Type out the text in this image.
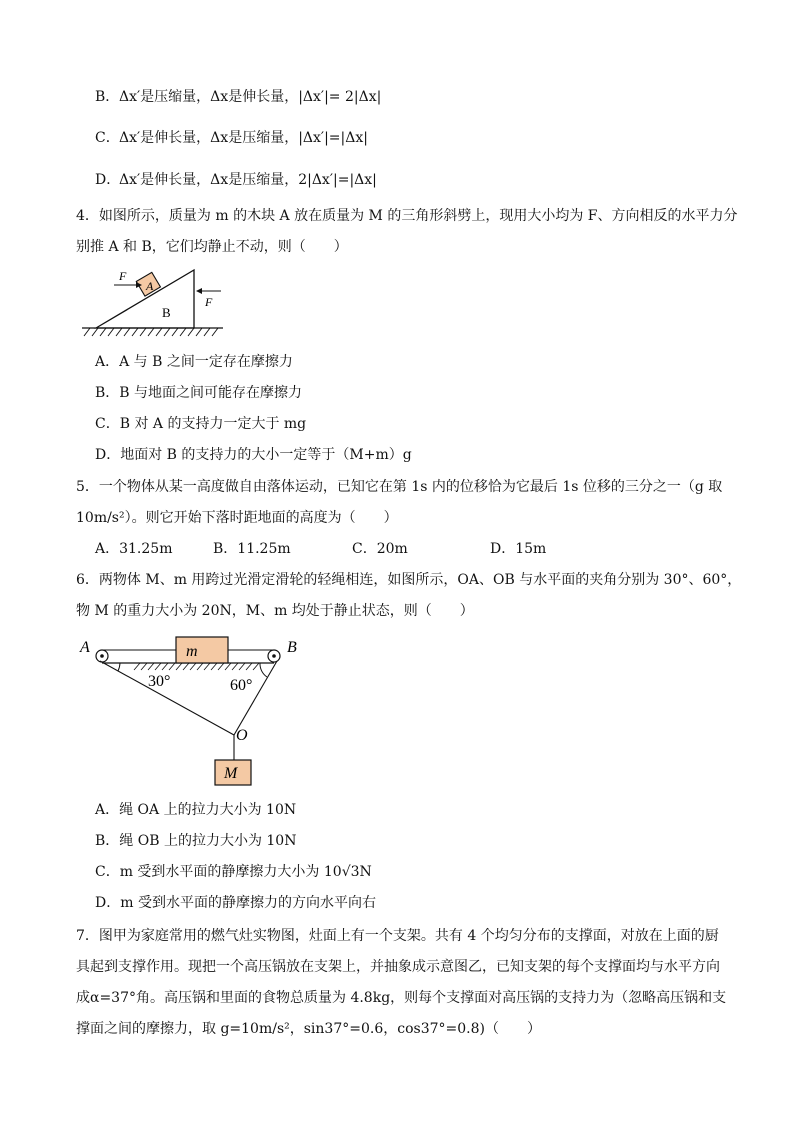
B． Δx′是压缩量，Δx是伸长量，|Δx′|= 2|Δx|
C． Δx′是伸长量，Δx是压缩量，|Δx′|=|Δx|
D．
Δx′是伸长量，Δx是压缩量，2|Δx′|=|Δx|
4．如图所示，质量为 m 的木块 A 放在质量为 M 的三角形斜劈上，现用大小均为 F、方向相反的水平力分
别推 A 和 B，它们均静止不动，则（　　）
B
A
F
F
A．A 与 B 之间一定存在摩擦力
B．B 与地面之间可能存在摩擦力
C．B 对 A 的支持力一定大于 mg
D．地面对 B 的支持力的大小一定等于（M+m）g
5．一个物体从某一高度做自由落体运动，已知它在第 1s 内的位移恰为它最后 1s 位移的三分之一（g 取
10m/s²）。则它开始下落时距地面的高度为（　　）
A．31.25m	B．11.25m	C．20m	D．15m
6．两物体 M、m 用跨过光滑定滑轮的轻绳相连，如图所示，OA、OB 与水平面的夹角分别为 30°、60°，
物 M 的重力大小为 20N，M、m 均处于静止状态，则（　　）
m
A	B
30°	60°
O
M
A．绳 OA 上的拉力大小为 10N
B．绳 OB 上的拉力大小为 10N
C．m 受到水平面的静摩擦力大小为 10√3N
D．m 受到水平面的静摩擦力的方向水平向右
7．图甲为家庭常用的燃气灶实物图，灶面上有一个支架。共有 4 个均匀分布的支撑面，对放在上面的厨
具起到支撑作用。现把一个高压锅放在支架上，并抽象成示意图乙，已知支架的每个支撑面均与水平方向
成α=37°角。高压锅和里面的食物总质量为 4.8kg，则每个支撑面对高压锅的支持力为（忽略高压锅和支
撑面之间的摩擦力，取 g=10m/s²，sin37°=0.6，cos37°=0.8)（　　）
